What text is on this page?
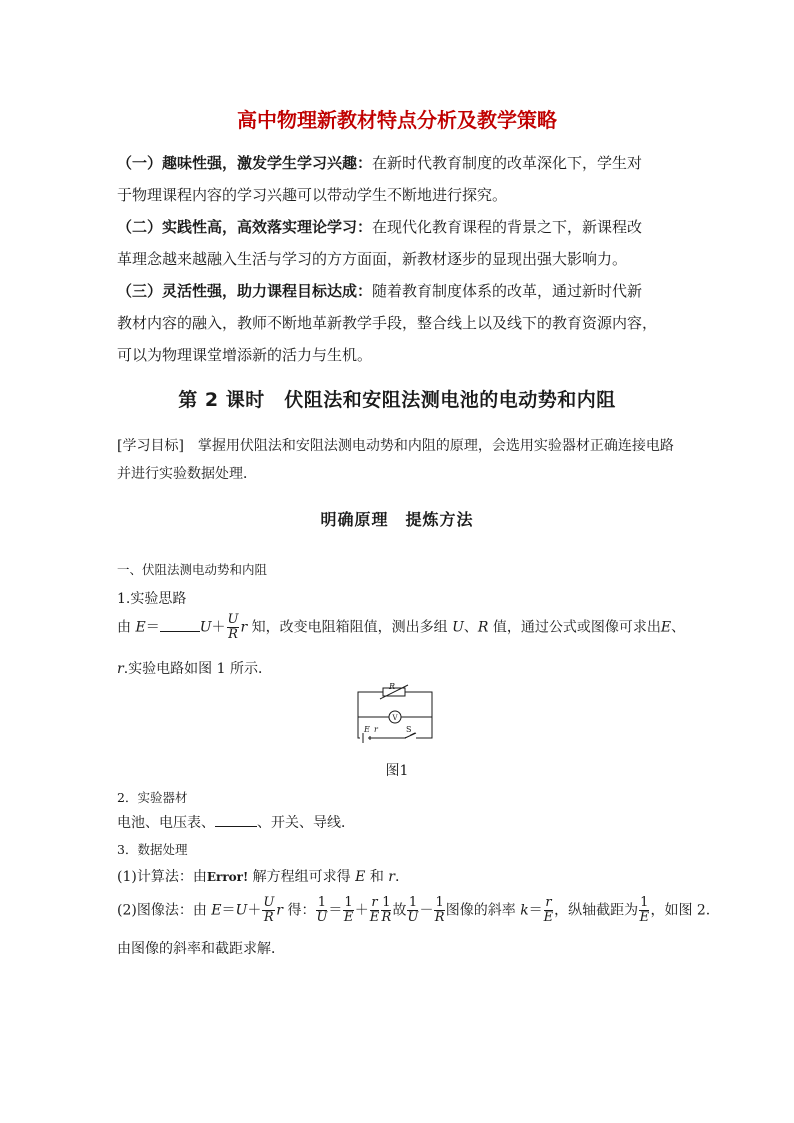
高中物理新教材特点分析及教学策略
（一）趣味性强，激发学生学习兴趣：在新时代教育制度的改革深化下，学生对
于物理课程内容的学习兴趣可以带动学生不断地进行探究。
（二）实践性高，高效落实理论学习：在现代化教育课程的背景之下，新课程改
革理念越来越融入生活与学习的方方面面，新教材逐步的显现出强大影响力。
（三）灵活性强，助力课程目标达成：随着教育制度体系的改革，通过新时代新
教材内容的融入，教师不断地革新教学手段，整合线上以及线下的教育资源内容，
可以为物理课堂增添新的活力与生机。
第 2 课时　伏阻法和安阻法测电池的电动势和内阻
[学习目标]　掌握用伏阻法和安阻法测电动势和内阻的原理，会选用实验器材正确连接电路
并进行实验数据处理．
明确原理　提炼方法
一、伏阻法测电动势和内阻
1.实验思路
由 E＝	$U+ \frac{U}{R}$ r 知，改变电阻箱阻值，测出多组 U、R 值，通过公式或图像可求出E、
r.实验电路如图 1 所示．
R
V
E r	S
图1
2．实验器材
电池、电压表、	、开关、导线．
3．数据处理
(1)计算法：由Error! 解方程组可求得 E 和 r.
(2)图像法：由 $E=U+ \frac{U}{R}$ r 得： $\frac{1}{U} = \frac{1}{E} + \frac{r}{E} \frac{1}{R}$ 故 $\frac{1}{U} - \frac{1}{R}$ 图像的斜率 $k= \frac{r}{E}$ ，纵轴截距为 $\frac{1}{E}$ ，如图 2.
由图像的斜率和截距求解．
